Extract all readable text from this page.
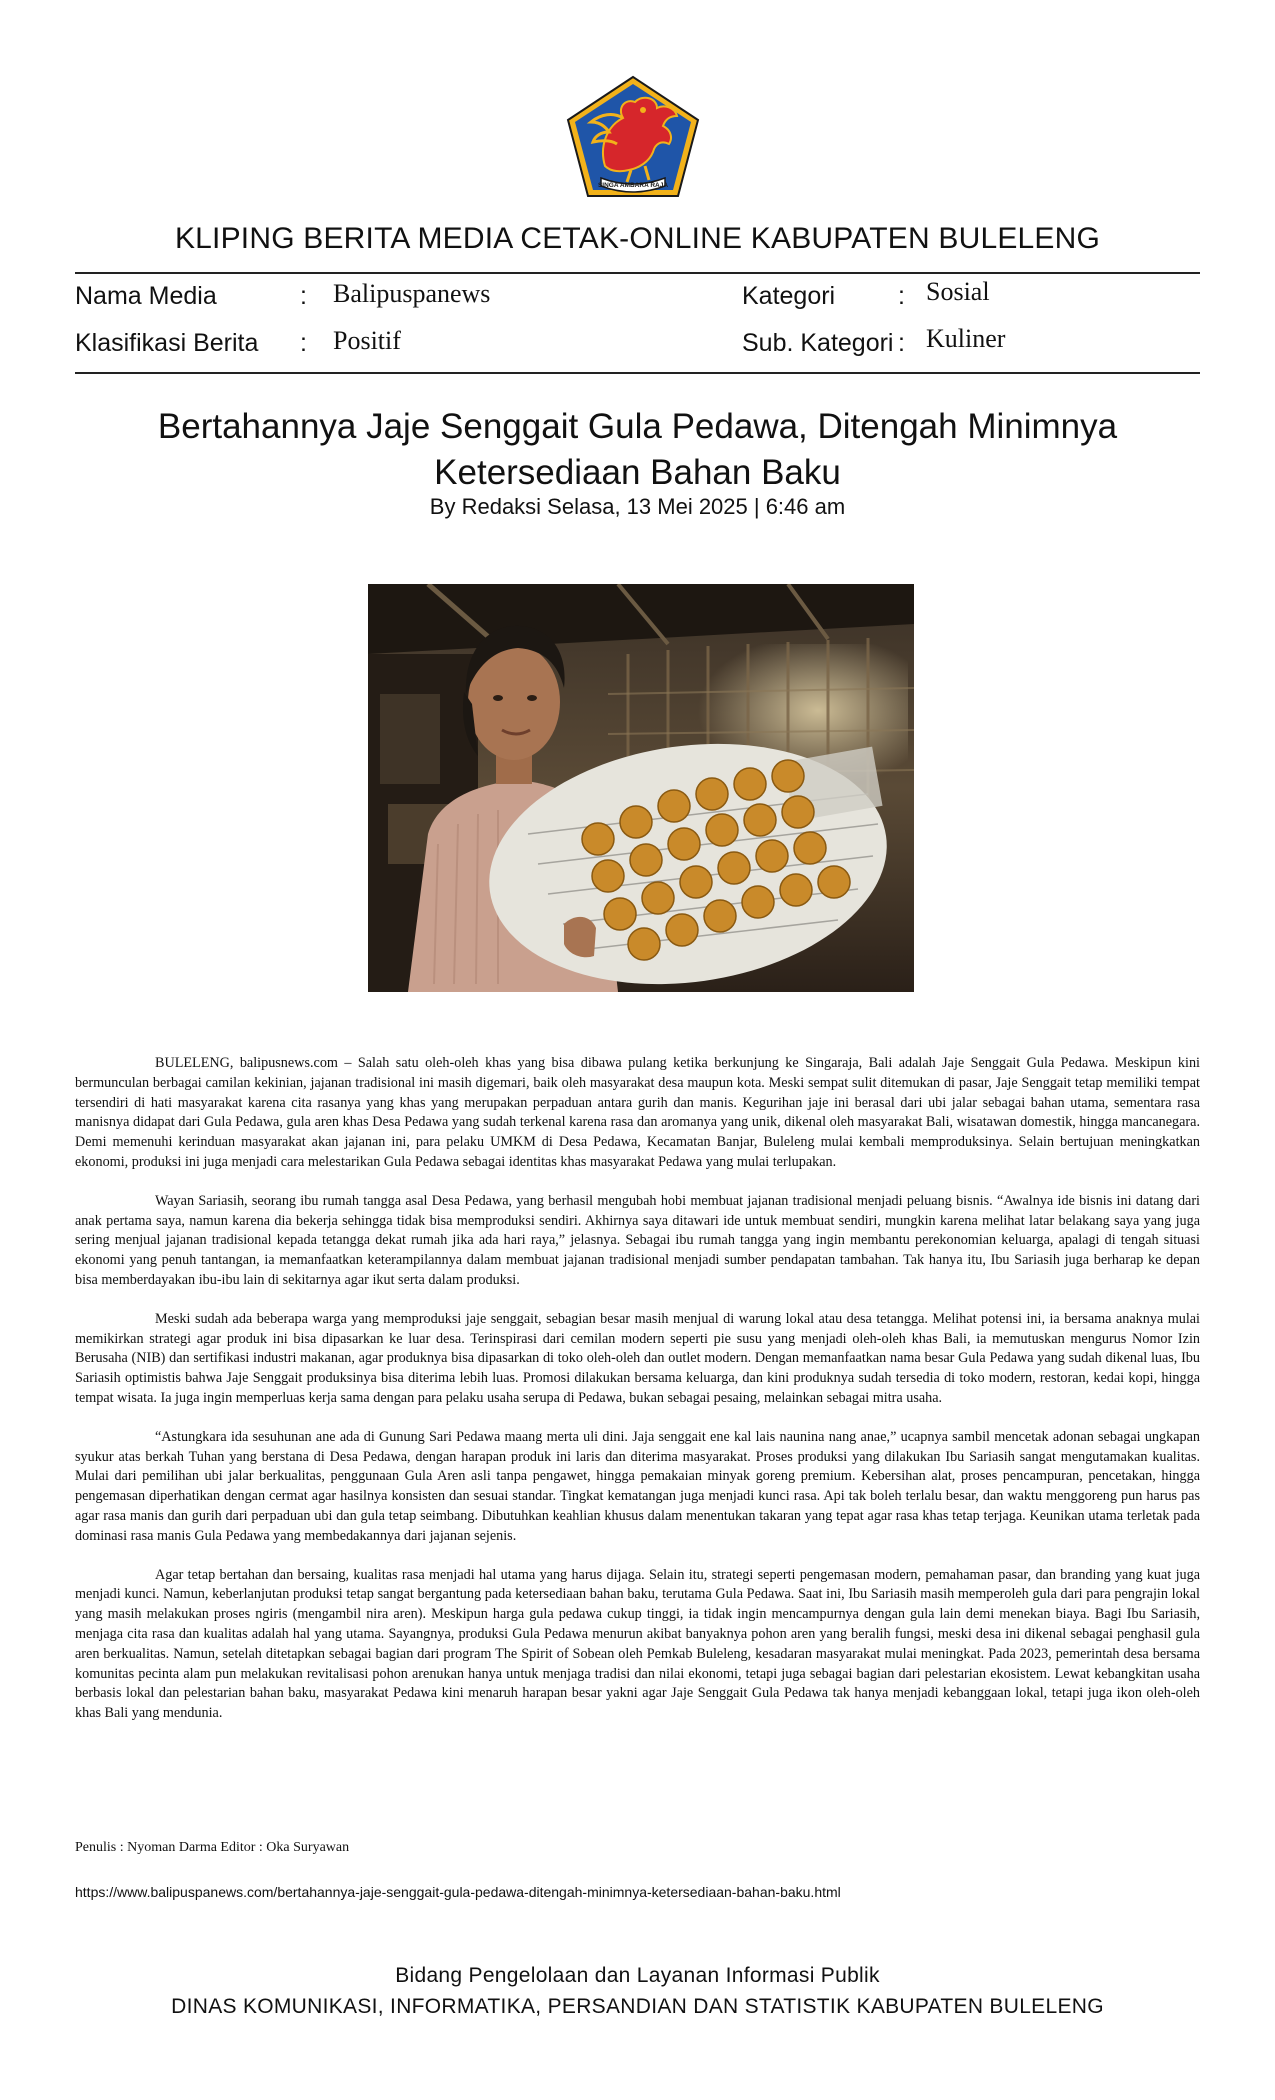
SINGA AMBARA RAJA
KLIPING BERITA MEDIA CETAK-ONLINE KABUPATEN BULELENG
Nama Media	: Balipuspanews	Kategori	: Sosial
Klasifikasi Berita : Positif	Sub. Kategori : Kuliner
Bertahannya Jaje Senggait Gula Pedawa, Ditengah Minimnya
Ketersediaan Bahan Baku
By Redaksi Selasa, 13 Mei 2025 | 6:46 am

BULELENG, balipusnews.com – Salah satu oleh-oleh khas yang bisa dibawa pulang ketika berkunjung ke Singaraja, Bali adalah Jaje Senggait Gula Pedawa. Meskipun kini bermunculan berbagai camilan kekinian, jajanan tradisional ini masih digemari, baik oleh masyarakat desa maupun kota. Meski sempat sulit ditemukan di pasar, Jaje Senggait tetap memiliki tempat tersendiri di hati masyarakat karena cita rasanya yang khas yang merupakan perpaduan antara gurih dan manis. Kegurihan jaje ini berasal dari ubi jalar sebagai bahan utama, sementara rasa manisnya didapat dari Gula Pedawa, gula aren khas Desa Pedawa yang sudah terkenal karena rasa dan aromanya yang unik, dikenal oleh masyarakat Bali, wisatawan domestik, hingga mancanegara. Demi memenuhi kerinduan masyarakat akan jajanan ini, para pelaku UMKM di Desa Pedawa, Kecamatan Banjar, Buleleng mulai kembali memproduksinya. Selain bertujuan meningkatkan ekonomi, produksi ini juga menjadi cara melestarikan Gula Pedawa sebagai identitas khas masyarakat Pedawa yang mulai terlupakan.

Wayan Sariasih, seorang ibu rumah tangga asal Desa Pedawa, yang berhasil mengubah hobi membuat jajanan tradisional menjadi peluang bisnis. “Awalnya ide bisnis ini datang dari anak pertama saya, namun karena dia bekerja sehingga tidak bisa memproduksi sendiri. Akhirnya saya ditawari ide untuk membuat sendiri, mungkin karena melihat latar belakang saya yang juga sering menjual jajanan tradisional kepada tetangga dekat rumah jika ada hari raya,” jelasnya. Sebagai ibu rumah tangga yang ingin membantu perekonomian keluarga, apalagi di tengah situasi ekonomi yang penuh tantangan, ia memanfaatkan keterampilannya dalam membuat jajanan tradisional menjadi sumber pendapatan tambahan. Tak hanya itu, Ibu Sariasih juga berharap ke depan bisa memberdayakan ibu-ibu lain di sekitarnya agar ikut serta dalam produksi.

Meski sudah ada beberapa warga yang memproduksi jaje senggait, sebagian besar masih menjual di warung lokal atau desa tetangga. Melihat potensi ini, ia bersama anaknya mulai memikirkan strategi agar produk ini bisa dipasarkan ke luar desa. Terinspirasi dari cemilan modern seperti pie susu yang menjadi oleh-oleh khas Bali, ia memutuskan mengurus Nomor Izin Berusaha (NIB) dan sertifikasi industri makanan, agar produknya bisa dipasarkan di toko oleh-oleh dan outlet modern. Dengan memanfaatkan nama besar Gula Pedawa yang sudah dikenal luas, Ibu Sariasih optimistis bahwa Jaje Senggait produksinya bisa diterima lebih luas. Promosi dilakukan bersama keluarga, dan kini produknya sudah tersedia di toko modern, restoran, kedai kopi, hingga tempat wisata. Ia juga ingin memperluas kerja sama dengan para pelaku usaha serupa di Pedawa, bukan sebagai pesaing, melainkan sebagai mitra usaha.

“Astungkara ida sesuhunan ane ada di Gunung Sari Pedawa maang merta uli dini. Jaja senggait ene kal lais naunina nang anae,” ucapnya sambil mencetak adonan sebagai ungkapan syukur atas berkah Tuhan yang berstana di Desa Pedawa, dengan harapan produk ini laris dan diterima masyarakat. Proses produksi yang dilakukan Ibu Sariasih sangat mengutamakan kualitas. Mulai dari pemilihan ubi jalar berkualitas, penggunaan Gula Aren asli tanpa pengawet, hingga pemakaian minyak goreng premium. Kebersihan alat, proses pencampuran, pencetakan, hingga pengemasan diperhatikan dengan cermat agar hasilnya konsisten dan sesuai standar. Tingkat kematangan juga menjadi kunci rasa. Api tak boleh terlalu besar, dan waktu menggoreng pun harus pas agar rasa manis dan gurih dari perpaduan ubi dan gula tetap seimbang. Dibutuhkan keahlian khusus dalam menentukan takaran yang tepat agar rasa khas tetap terjaga. Keunikan utama terletak pada dominasi rasa manis Gula Pedawa yang membedakannya dari jajanan sejenis.

Agar tetap bertahan dan bersaing, kualitas rasa menjadi hal utama yang harus dijaga. Selain itu, strategi seperti pengemasan modern, pemahaman pasar, dan branding yang kuat juga menjadi kunci. Namun, keberlanjutan produksi tetap sangat bergantung pada ketersediaan bahan baku, terutama Gula Pedawa. Saat ini, Ibu Sariasih masih memperoleh gula dari para pengrajin lokal yang masih melakukan proses ngiris (mengambil nira aren). Meskipun harga gula pedawa cukup tinggi, ia tidak ingin mencampurnya dengan gula lain demi menekan biaya. Bagi Ibu Sariasih, menjaga cita rasa dan kualitas adalah hal yang utama. Sayangnya, produksi Gula Pedawa menurun akibat banyaknya pohon aren yang beralih fungsi, meski desa ini dikenal sebagai penghasil gula aren berkualitas. Namun, setelah ditetapkan sebagai bagian dari program The Spirit of Sobean oleh Pemkab Buleleng, kesadaran masyarakat mulai meningkat. Pada 2023, pemerintah desa bersama komunitas pecinta alam pun melakukan revitalisasi pohon arenukan hanya untuk menjaga tradisi dan nilai ekonomi, tetapi juga sebagai bagian dari pelestarian ekosistem. Lewat kebangkitan usaha berbasis lokal dan pelestarian bahan baku, masyarakat Pedawa kini menaruh harapan besar yakni agar Jaje Senggait Gula Pedawa tak hanya menjadi kebanggaan lokal, tetapi juga ikon oleh-oleh khas Bali yang mendunia.

Penulis : Nyoman Darma Editor : Oka Suryawan
https://www.balipuspanews.com/bertahannya-jaje-senggait-gula-pedawa-ditengah-minimnya-ketersediaan-bahan-baku.html
Bidang Pengelolaan dan Layanan Informasi Publik
DINAS KOMUNIKASI, INFORMATIKA, PERSANDIAN DAN STATISTIK KABUPATEN BULELENG
